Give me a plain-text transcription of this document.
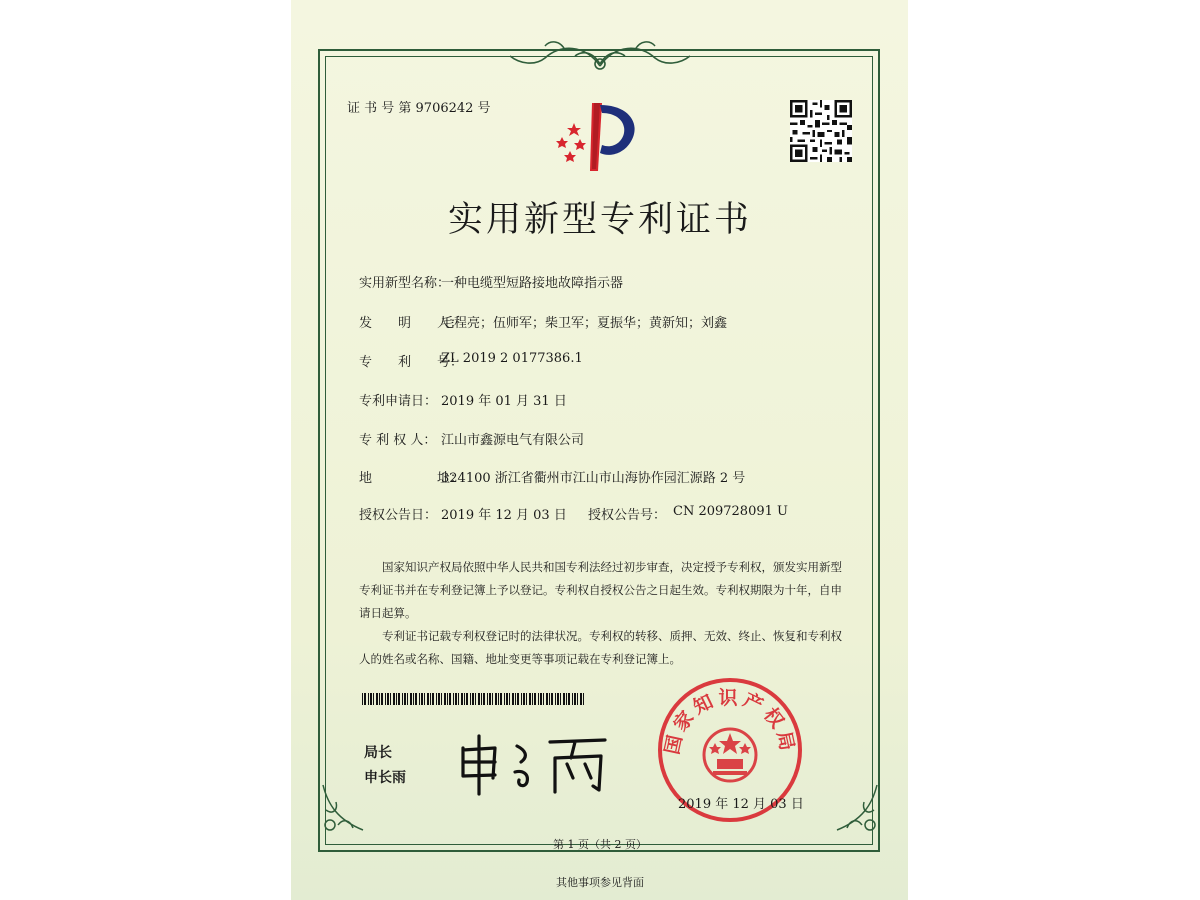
证 书 号 第 9706242 号
实用新型专利证书
实用新型名称：
一种电缆型短路接地故障指示器
发　　明　　人：
毛程亮；伍师军；柴卫军；夏振华；黄新知；刘鑫
专　　利　　号：
ZL 2019 2 0177386.1
专利申请日： 2019 年 01 月 31 日
专 利 权 人： 江山市鑫源电气有限公司
地　　　　　址：
324100 浙江省衢州市江山市山海协作园汇源路 2 号
授权公告日： 2019 年 12 月 03 日 授权公告号： CN 209728091 U

国家知识产权局依照中华人民共和国专利法经过初步审查，决定授予专利权，颁发实用新型专利证书并在专利登记簿上予以登记。专利权自授权公告之日起生效。专利权期限为十年，自申请日起算。

专利证书记载专利权登记时的法律状况。专利权的转移、质押、无效、终止、恢复和专利权人的姓名或名称、国籍、地址变更等事项记载在专利登记簿上。

局长
申长雨
国家知识产权局
2019 年 12 月 03 日
第 1 页（共 2 页）
其他事项参见背面
